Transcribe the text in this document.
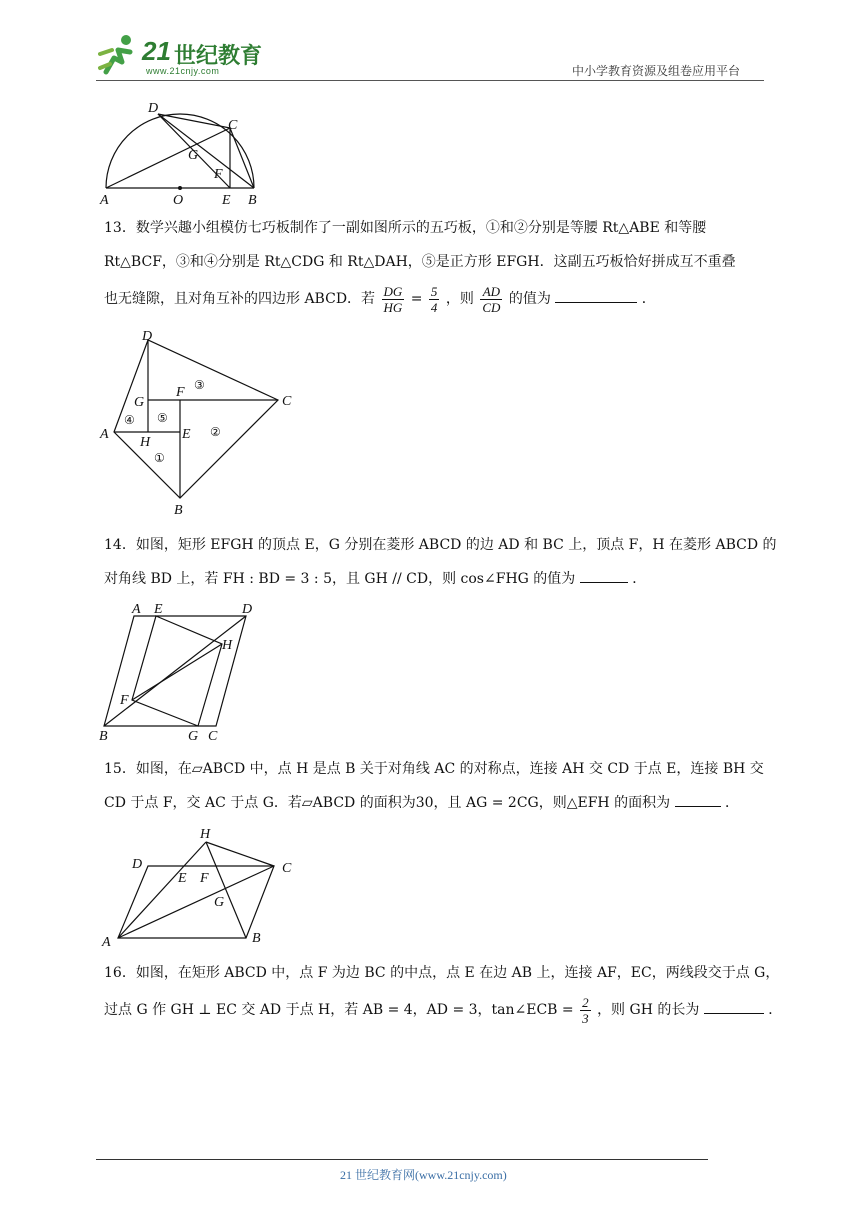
21 世纪教育
www.21cnjy.com	中小学教育资源及组卷应用平台
D
C
G
F
A	O	E B
13．数学兴趣小组模仿七巧板制作了一副如图所示的五巧板，①和②分别是等腰 Rt△ABE 和等腰
Rt△BCF，③和④分别是 Rt△CDG 和 Rt△DAH，⑤是正方形 EFGH．这副五巧板恰好拼成互不重叠
也无缝隙，且对角互补的四边形 ABCD．若 $\frac{DG}{HG} = \frac{5}{4}$ ，则 $\frac{AD}{CD}$ 的值为	．
D
C
F ③
G
⑤
④
A
H
E ②
①
B
14．如图，矩形 EFGH 的顶点 E，G 分别在菱形 ABCD 的边 AD 和 BC 上，顶点 F，H 在菱形 ABCD 的
对角线 BD 上，若 FH : BD = 3 : 5，且 GH // CD，则 cos∠FHG 的值为	．
A E	D
H
F
B	G C
15．如图，在▱ABCD 中，点 H 是点 B 关于对角线 AC 的对称点，连接 AH 交 CD 于点 E，连接 BH 交
CD 于点 F，交 AC 于点 G．若▱ABCD 的面积为30，且 AG = 2CG，则△EFH 的面积为	．
H
D	C
E F
G
A	B
16．如图，在矩形 ABCD 中，点 F 为边 BC 的中点，点 E 在边 AB 上，连接 AF，EC，两线段交于点 G，
过点 G 作 GH ⊥ EC 交 AD 于点 H，若 AB = 4，AD = 3，tan∠ECB = $\frac{2}{3}$ ，则 GH 的长为	．
21 世纪教育网(www.21cnjy.com)
